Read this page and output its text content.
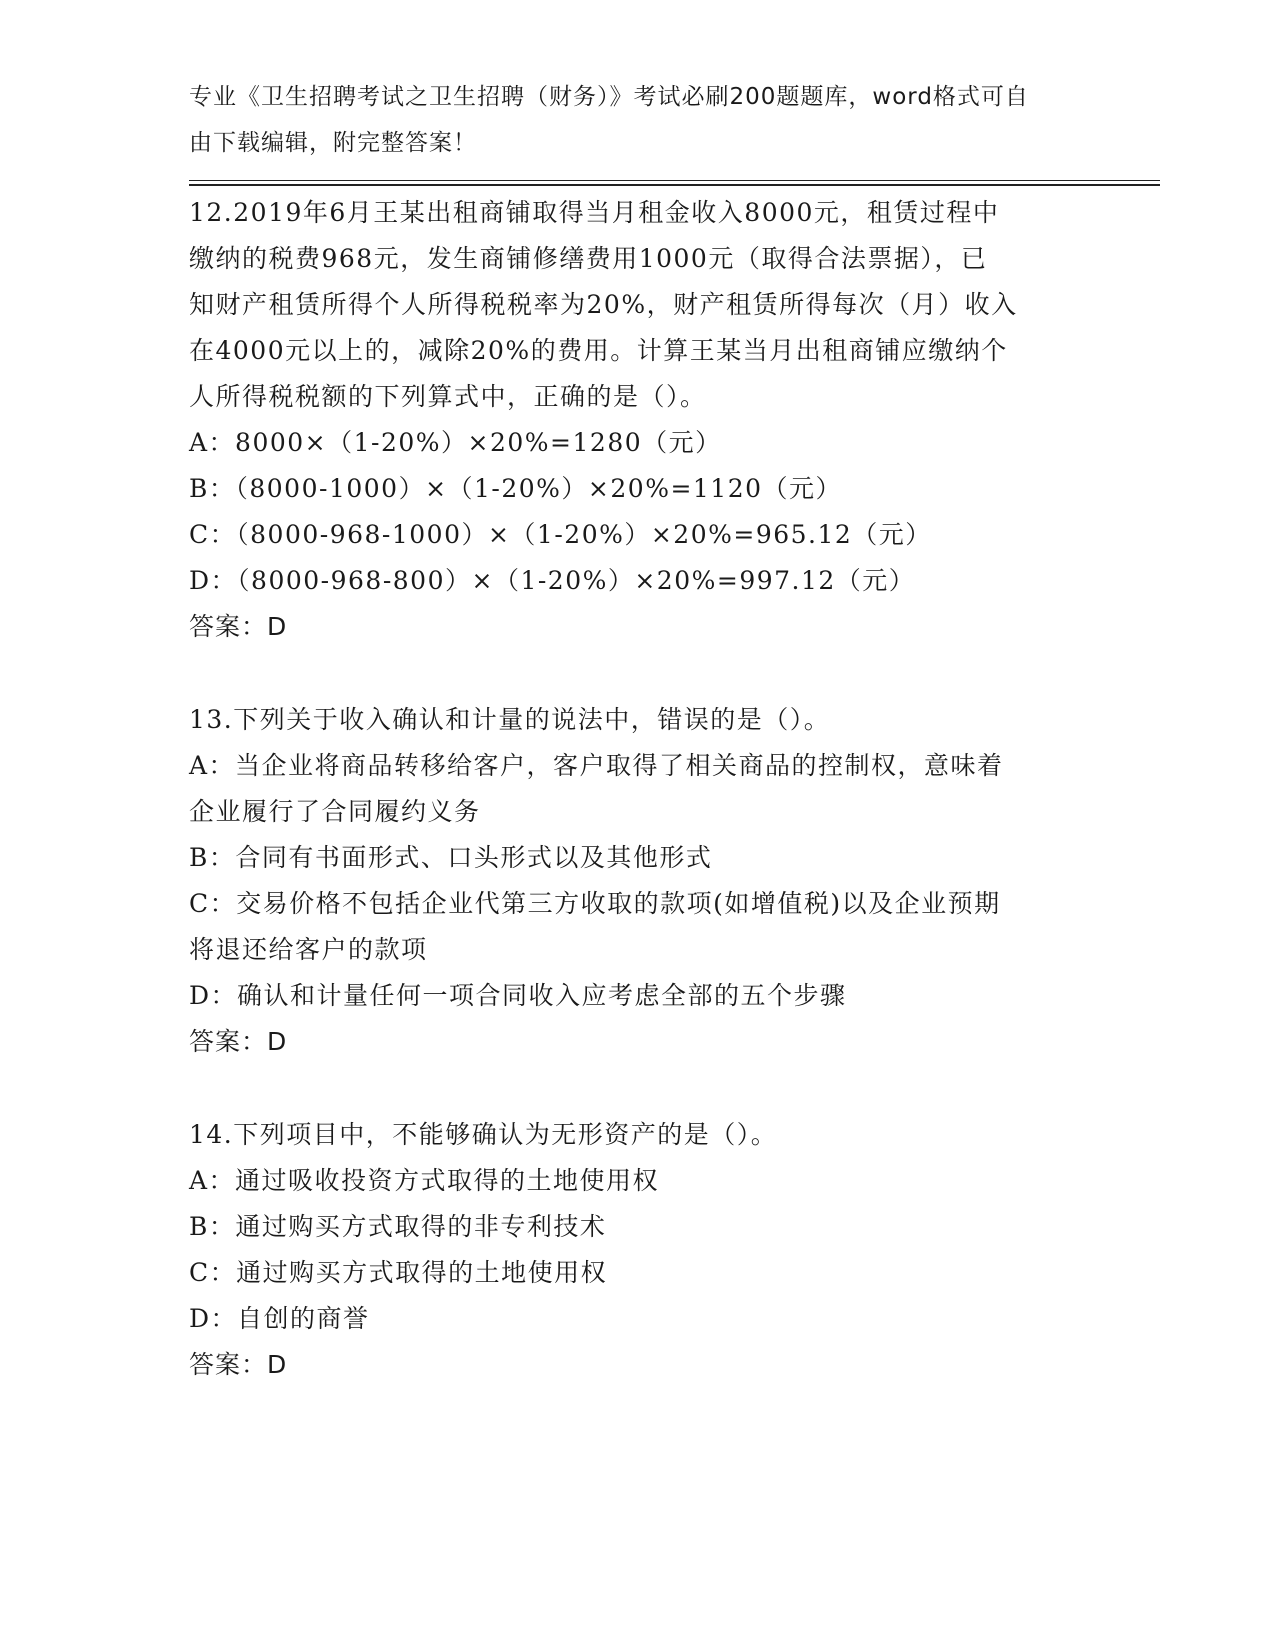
专业《卫生招聘考试之卫生招聘（财务）》考试必刷200题题库，word格式可自
由下载编辑，附完整答案！
12.2019年6月王某出租商铺取得当月租金收入8000元，租赁过程中
缴纳的税费968元，发生商铺修缮费用1000元（取得合法票据），已
知财产租赁所得个人所得税税率为20%，财产租赁所得每次（月）收入
在4000元以上的，减除20%的费用。计算王某当月出租商铺应缴纳个
人所得税税额的下列算式中，正确的是（）。
A：8000×（1-20%）×20%=1280（元）
B：（8000-1000）×（1-20%）×20%=1120（元）
C：（8000-968-1000）×（1-20%）×20%=965.12（元）
D：（8000-968-800）×（1-20%）×20%=997.12（元）
答案：D
13.下列关于收入确认和计量的说法中，错误的是（）。
A：当企业将商品转移给客户，客户取得了相关商品的控制权，意味着
企业履行了合同履约义务
B：合同有书面形式、口头形式以及其他形式
C：交易价格不包括企业代第三方收取的款项(如增值税)以及企业预期
将退还给客户的款项
D：确认和计量任何一项合同收入应考虑全部的五个步骤
答案：D
14.下列项目中，不能够确认为无形资产的是（）。
A：通过吸收投资方式取得的土地使用权
B：通过购买方式取得的非专利技术
C：通过购买方式取得的土地使用权
D：自创的商誉
答案：D
